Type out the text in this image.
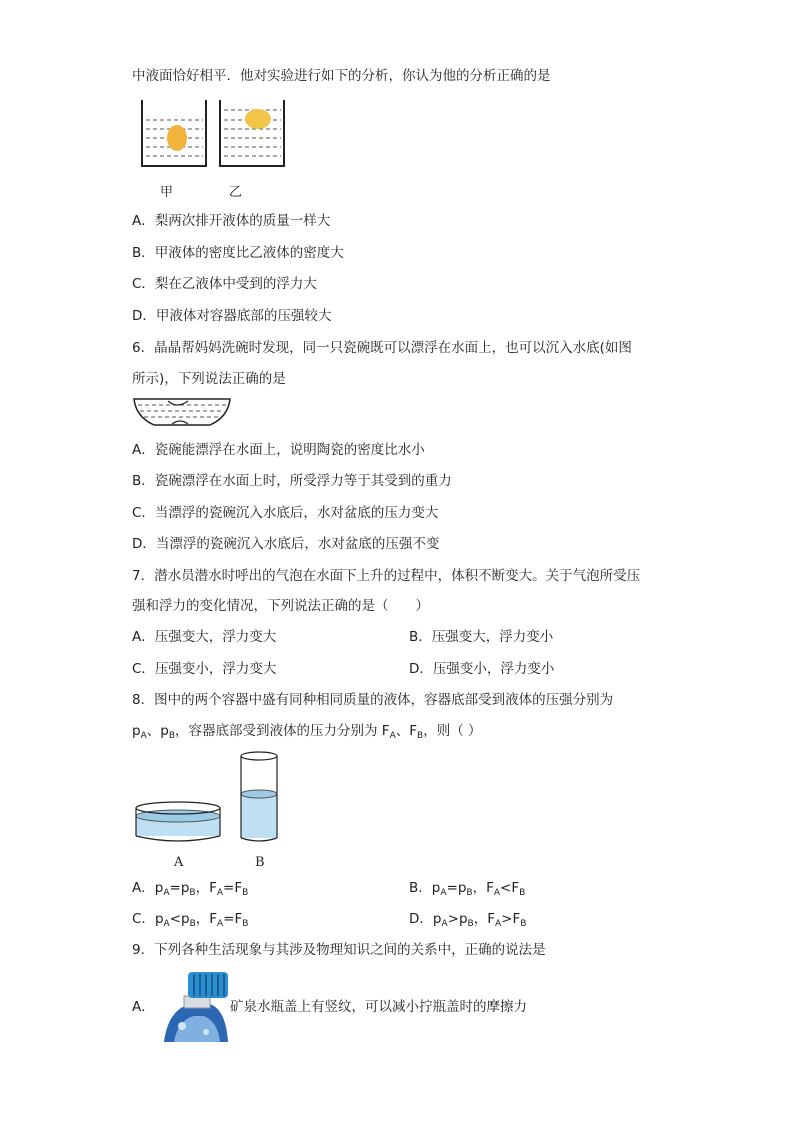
中液面恰好相平．他对实验进行如下的分析，你认为他的分析正确的是
甲	乙
A．梨两次排开液体的质量一样大
B．甲液体的密度比乙液体的密度大
C．梨在乙液体中受到的浮力大
D．甲液体对容器底部的压强较大
6．晶晶帮妈妈洗碗时发现，同一只瓷碗既可以漂浮在水面上，也可以沉入水底(如图
所示)，下列说法正确的是
A．瓷碗能漂浮在水面上，说明陶瓷的密度比水小
B．瓷碗漂浮在水面上时，所受浮力等于其受到的重力
C．当漂浮的瓷碗沉入水底后，水对盆底的压力变大
D．当漂浮的瓷碗沉入水底后，水对盆底的压强不变
7．潜水员潜水时呼出的气泡在水面下上升的过程中，体积不断变大。关于气泡所受压
强和浮力的变化情况，下列说法正确的是（　　）
A．压强变大，浮力变大	B．压强变大，浮力变小
C．压强变小，浮力变大	D．压强变小，浮力变小
8．图中的两个容器中盛有同种相同质量的液体，容器底部受到液体的压强分别为
$p_A$、$p_B$，容器底部受到液体的压力分别为 $F_A$、$F_B$，则（ ）
A	B
A．$p_A=p_B$，$F_A=F_B$	B．$p_A=p_B$，$F_A<F_B$
C．$p_A<p_B$，$F_A=F_B$	D．$p_A>p_B$，$F_A>F_B$
9．下列各种生活现象与其涉及物理知识之间的关系中，正确的说法是
A．	矿泉水瓶盖上有竖纹，可以减小拧瓶盖时的摩擦力
